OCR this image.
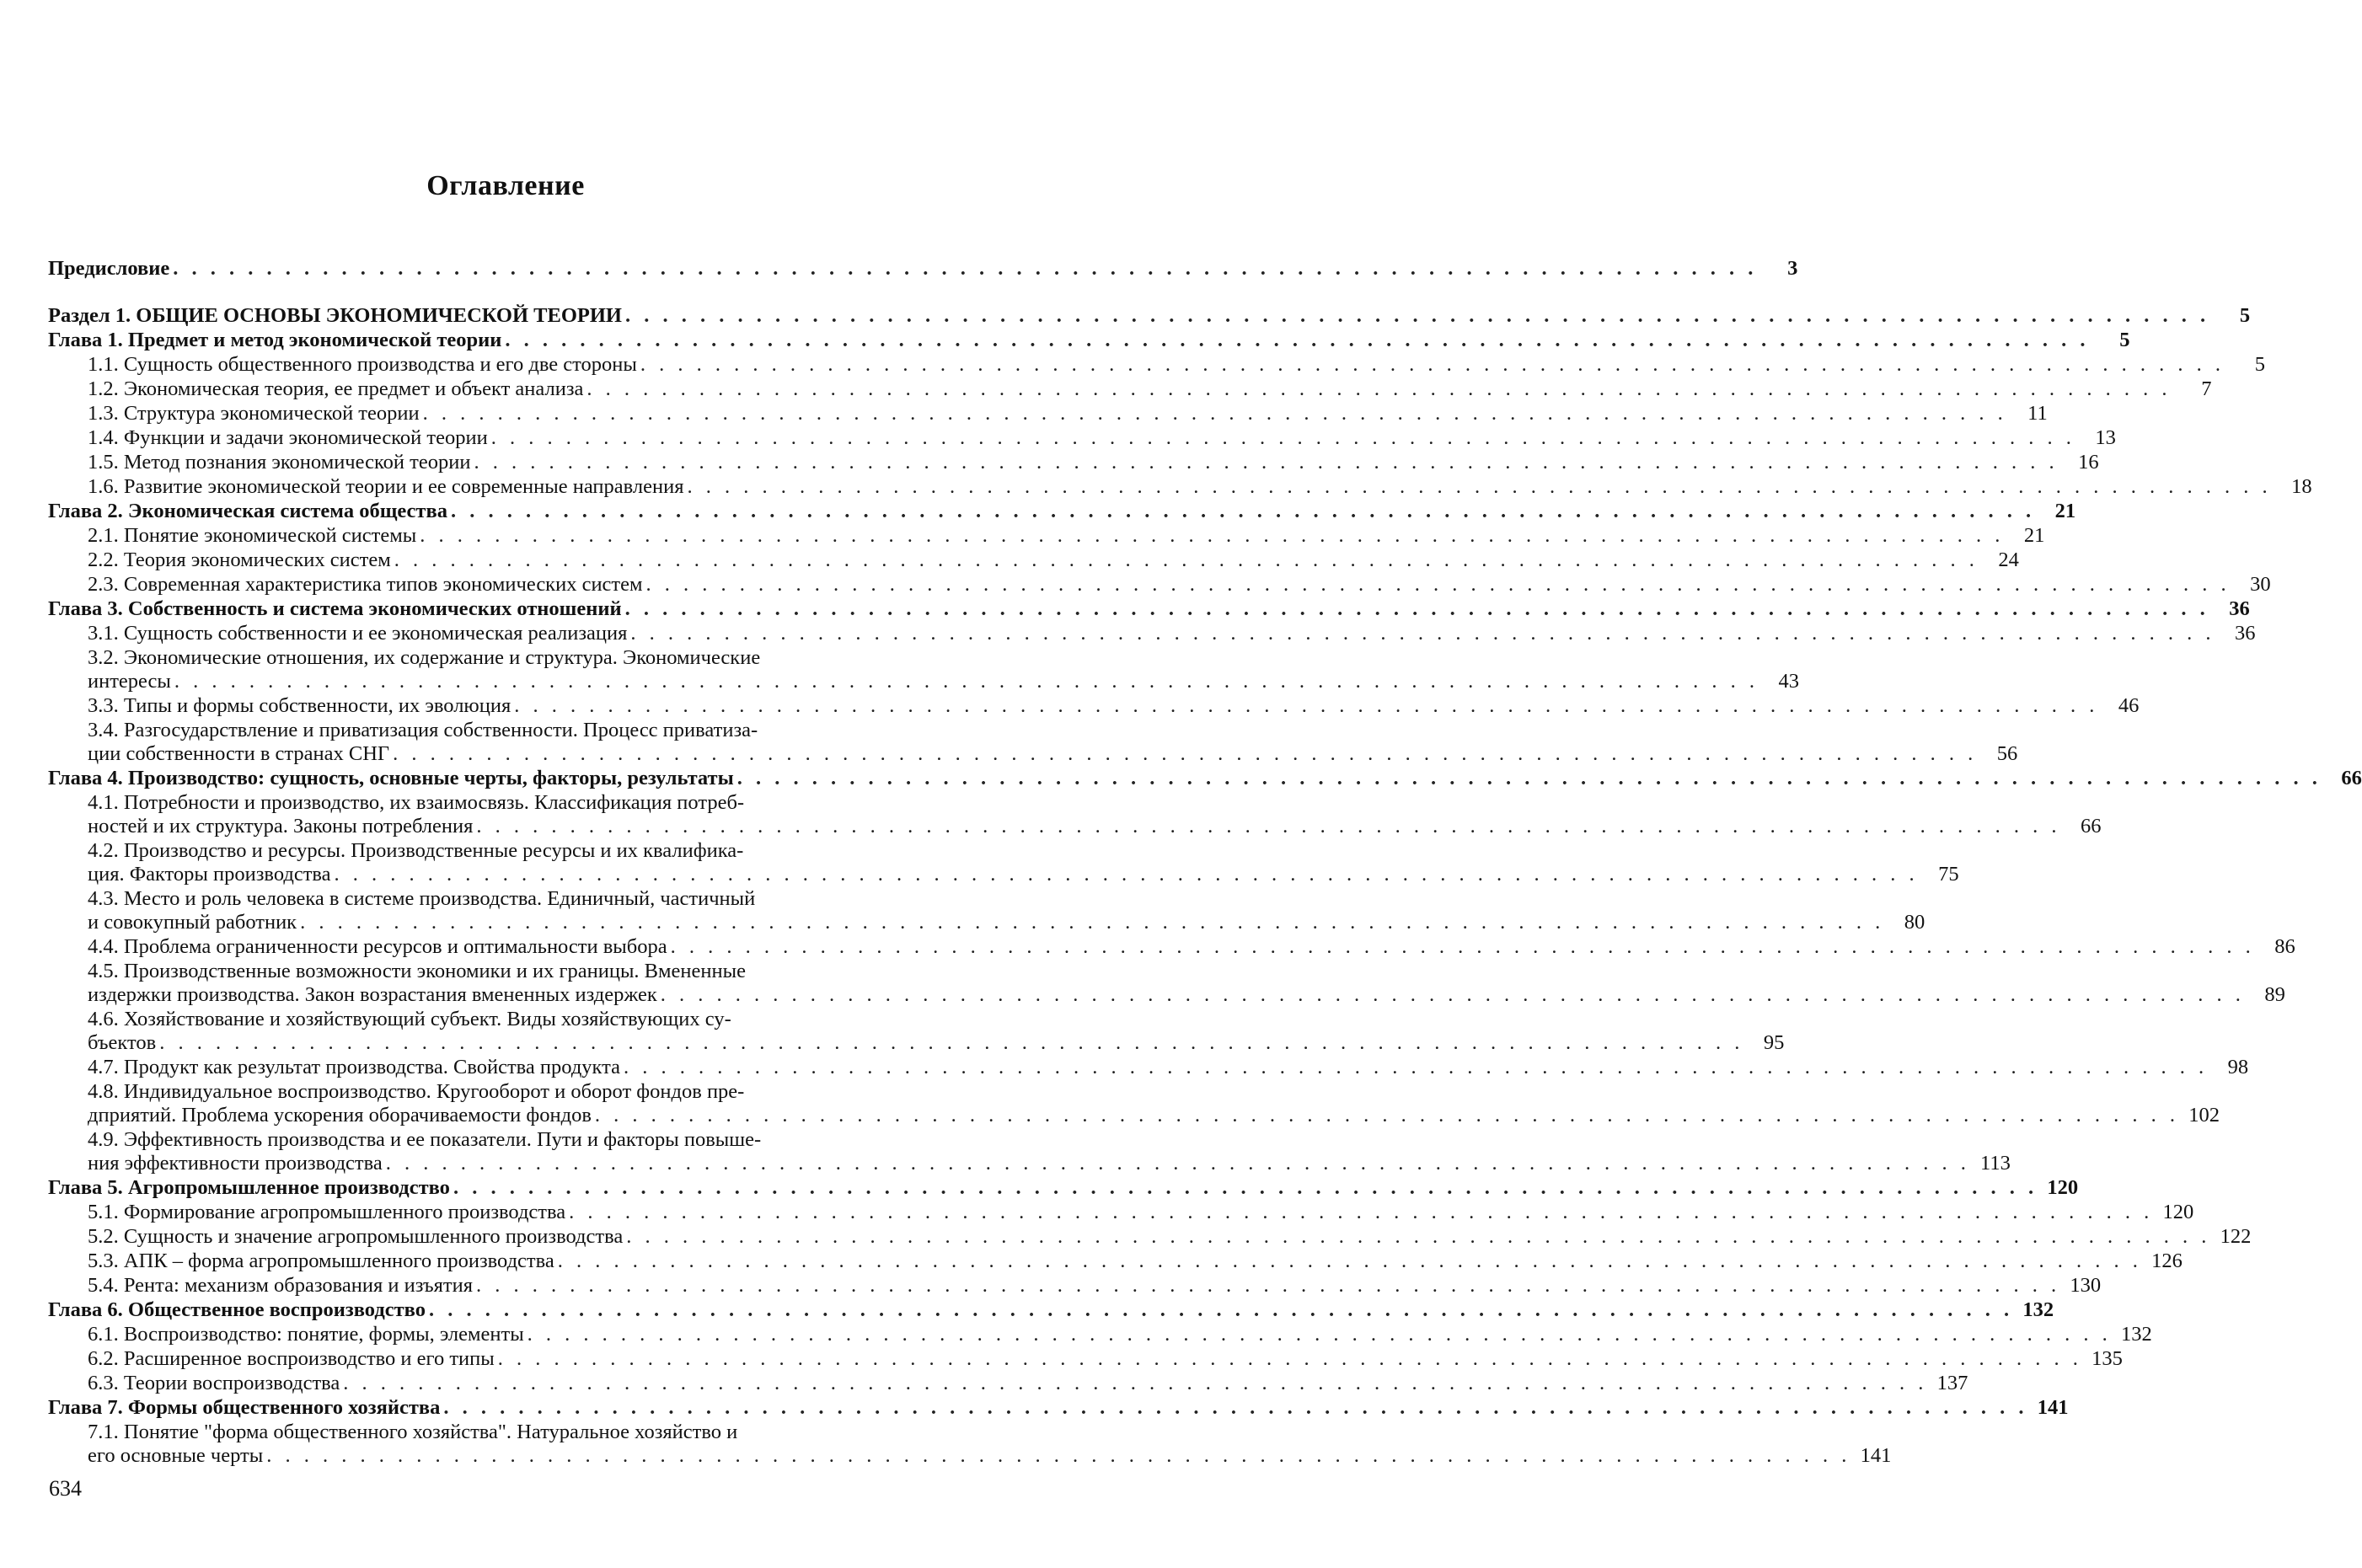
Оглавление
Предисловие . . .	3
Раздел 1. ОБЩИЕ ОСНОВЫ ЭКОНОМИЧЕСКОЙ ТЕОРИИ . . .	5
Глава 1. Предмет и метод экономической теории . . .	5
1.1. Сущность общественного производства и его две стороны . . .	5
1.2. Экономическая теория, ее предмет и объект анализа . . .	7
1.3. Структура экономической теории . . .	11
1.4. Функции и задачи экономической теории . . .	13
1.5. Метод познания экономической теории . . .	16
1.6. Развитие экономической теории и ее современные направления . . .	18
Глава 2. Экономическая система общества . . .	21
2.1. Понятие экономической системы . . .	21
2.2. Теория экономических систем . . .	24
2.3. Современная характеристика типов экономических систем . . .	30
Глава 3. Собственность и система экономических отношений . . .	36
3.1. Сущность собственности и ее экономическая реализация . . .	36
3.2. Экономические отношения, их содержание и структура. Экономические
интересы . . .	43
3.3. Типы и формы собственности, их эволюция . . .	46
3.4. Разгосударствление и приватизация собственности. Процесс приватиза-
ции собственности в странах СНГ . . .	56
Глава 4. Производство: сущность, основные черты, факторы, результаты . . .	66
4.1. Потребности и производство, их взаимосвязь. Классификация потреб-
ностей и их структура. Законы потребления . . .	66
4.2. Производство и ресурсы. Производственные ресурсы и их квалифика-
ция. Факторы производства . . .	75
4.3. Место и роль человека в системе производства. Единичный, частичный
и совокупный работник . . .	80
4.4. Проблема ограниченности ресурсов и оптимальности выбора . . .	86
4.5. Производственные возможности экономики и их границы. Вмененные
издержки производства. Закон возрастания вмененных издержек . . .	89
4.6. Хозяйствование и хозяйствующий субъект. Виды хозяйствующих су-
бъектов . . .	95
4.7. Продукт как результат производства. Свойства продукта . . .	98
4.8. Индивидуальное воспроизводство. Кругооборот и оборот фондов пре-
дприятий. Проблема ускорения оборачиваемости фондов . . .	102
4.9. Эффективность производства и ее показатели. Пути и факторы повыше-
ния эффективности производства . . .	113
Глава 5. Агропромышленное производство . . .	120
5.1. Формирование агропромышленного производства . . .	120
5.2. Сущность и значение агропромышленного производства . . .	122
5.3. АПК – форма агропромышленного производства . . .	126
5.4. Рента: механизм образования и изъятия . . .	130
Глава 6. Общественное воспроизводство . . .	132
6.1. Воспроизводство: понятие, формы, элементы . . .	132
6.2. Расширенное воспроизводство и его типы . . .	135
6.3. Теории воспроизводства . . .	137
Глава 7. Формы общественного хозяйства . . .	141
7.1. Понятие "форма общественного хозяйства". Натуральное хозяйство и
его основные черты . . .	141
634
